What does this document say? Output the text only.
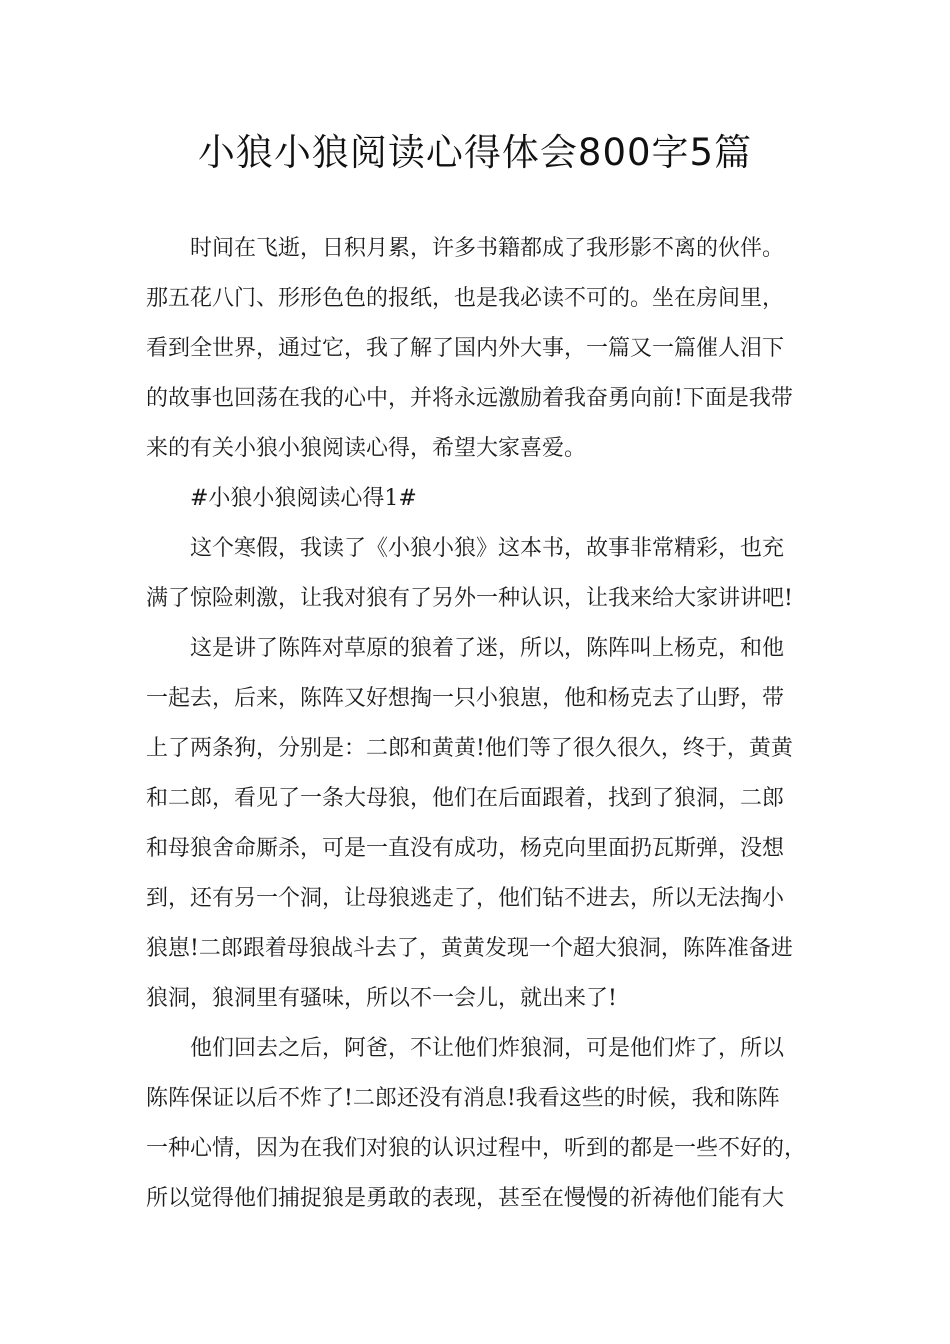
小狼小狼阅读心得体会800字5篇
时间在飞逝，日积月累，许多书籍都成了我形影不离的伙伴。
那五花八门、形形色色的报纸，也是我必读不可的。坐在房间里，
看到全世界，通过它，我了解了国内外大事，一篇又一篇催人泪下
的故事也回荡在我的心中，并将永远激励着我奋勇向前!下面是我带
来的有关小狼小狼阅读心得，希望大家喜爱。
#小狼小狼阅读心得1#
这个寒假，我读了《小狼小狼》这本书，故事非常精彩，也充
满了惊险刺激，让我对狼有了另外一种认识，让我来给大家讲讲吧!
这是讲了陈阵对草原的狼着了迷，所以，陈阵叫上杨克，和他
一起去，后来，陈阵又好想掏一只小狼崽，他和杨克去了山野，带
上了两条狗，分别是：二郎和黄黄!他们等了很久很久，终于，黄黄
和二郎，看见了一条大母狼，他们在后面跟着，找到了狼洞，二郎
和母狼舍命厮杀，可是一直没有成功，杨克向里面扔瓦斯弹，没想
到，还有另一个洞，让母狼逃走了，他们钻不进去，所以无法掏小
狼崽!二郎跟着母狼战斗去了，黄黄发现一个超大狼洞，陈阵准备进
狼洞，狼洞里有骚味，所以不一会儿，就出来了!
他们回去之后，阿爸，不让他们炸狼洞，可是他们炸了，所以
陈阵保证以后不炸了!二郎还没有消息!我看这些的时候，我和陈阵
一种心情，因为在我们对狼的认识过程中，听到的都是一些不好的，
所以觉得他们捕捉狼是勇敢的表现，甚至在慢慢的祈祷他们能有大
